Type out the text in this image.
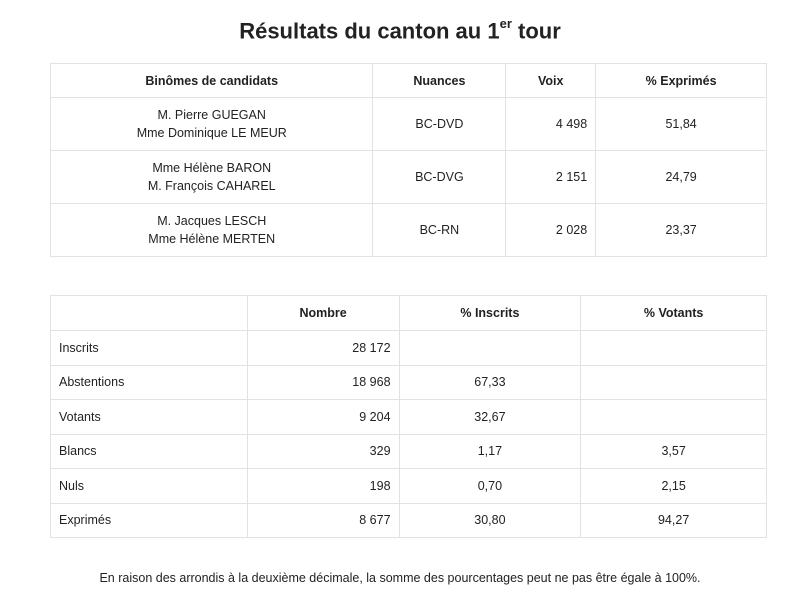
Résultats du canton au 1er tour
Binômes de candidats	Nuances	Voix	% Exprimés

M. Pierre GUEGAN
Mme Dominique LE MEUR	BC-DVD	4 498	51,84

Mme Hélène BARON
M. François CAHAREL	BC-DVG	2 151	24,79

M. Jacques LESCH
Mme Hélène MERTEN	BC-RN	2 028	23,37
	Nombre	% Inscrits	% Votants
Inscrits	28 172		
Abstentions	18 968	67,33	
Votants	9 204	32,67	
Blancs	329	1,17	3,57
Nuls	198	0,70	2,15
Exprimés	8 677	30,80	94,27

En raison des arrondis à la deuxième décimale, la somme des pourcentages peut ne pas être égale à 100%.
